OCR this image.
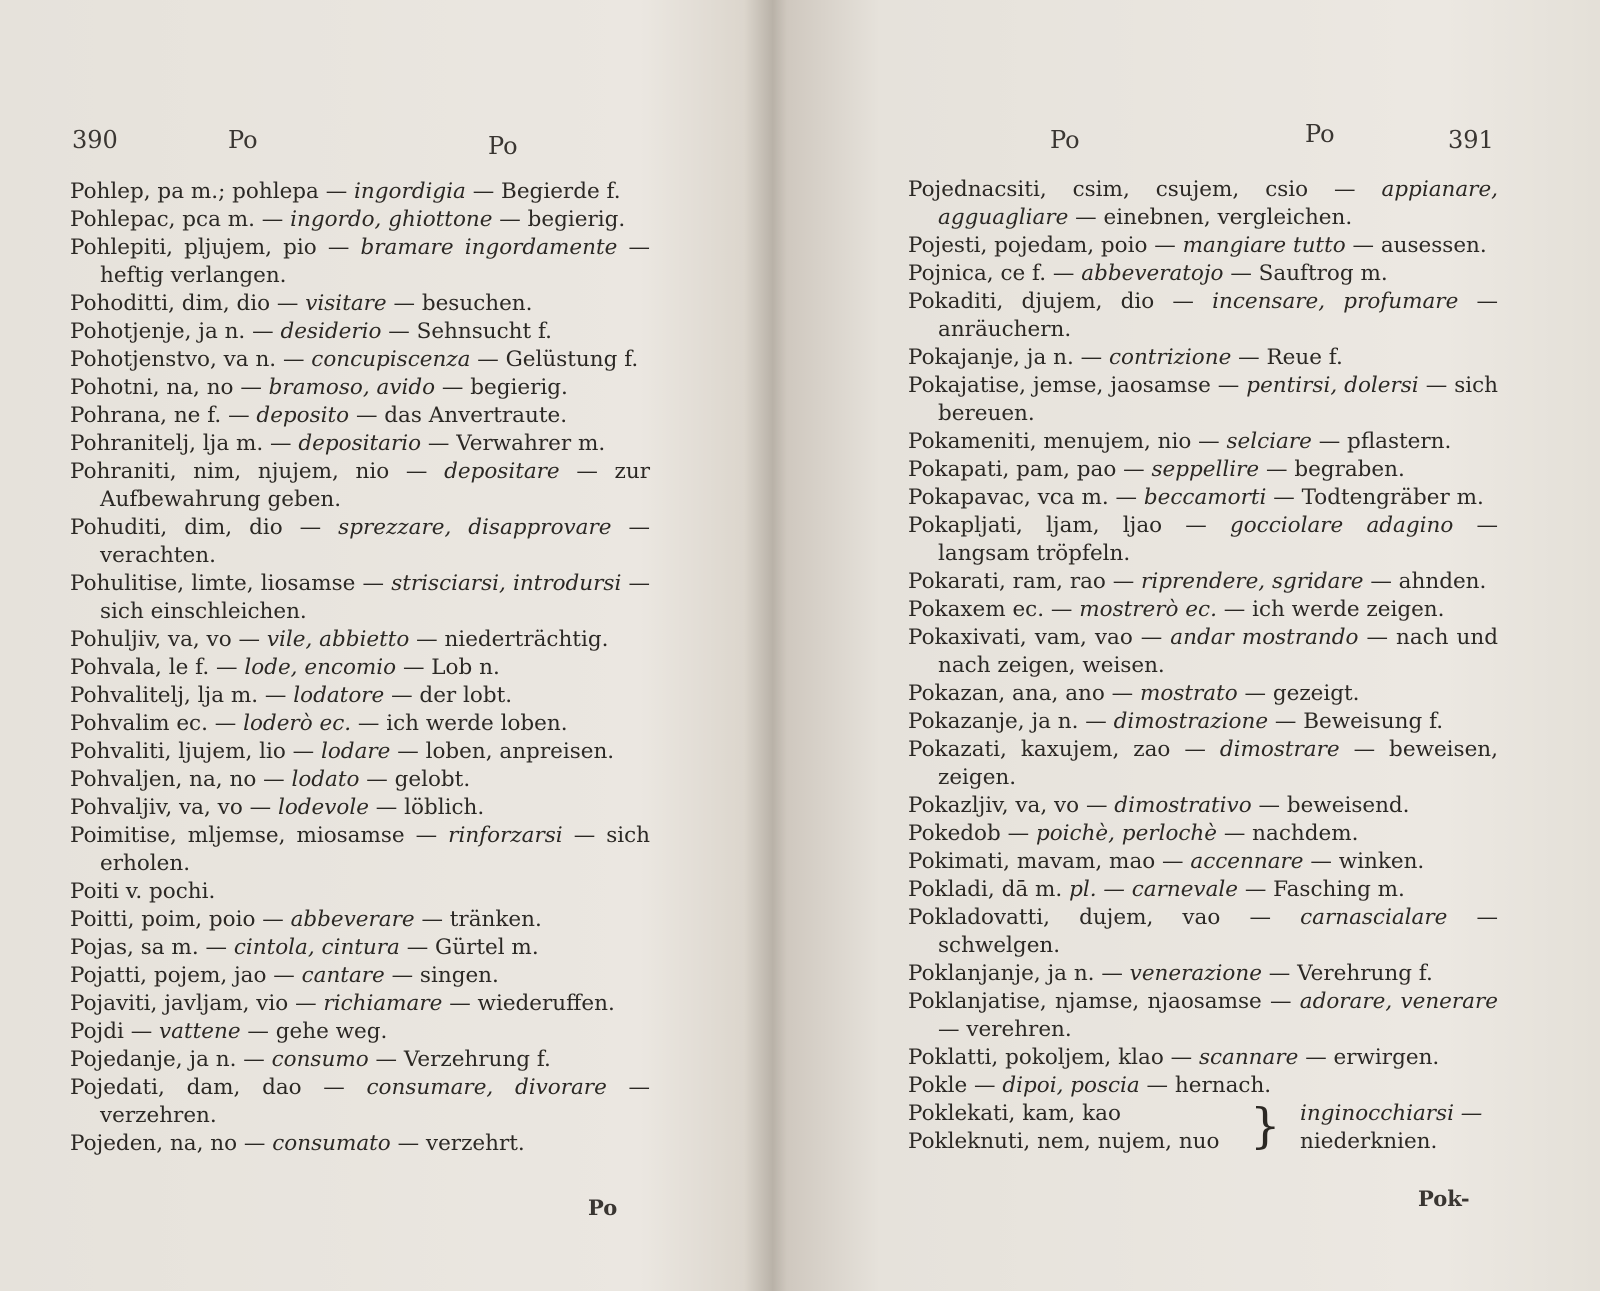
390	Po	Po

Pohlep, pa m.; pohlepa — ingordigia — Begierde f.

Pohlepac, pca m. — ingordo, ghiottone — begierig.

Pohlepiti, pljujem, pio — bramare ingordamente — heftig verlangen.

Pohoditti, dim, dio — visitare — besuchen.

Pohotjenje, ja n. — desiderio — Sehnsucht f.

Pohotjenstvo, va n. — concupiscenza — Gelüstung f.

Pohotni, na, no — bramoso, avido — begierig.

Pohrana, ne f. — deposito — das Anvertraute.

Pohranitelj, lja m. — depositario — Verwahrer m.

Pohraniti, nim, njujem, nio — depositare — zur Aufbewahrung geben.

Pohuditi, dim, dio — sprezzare, disapprovare — verachten.

Pohulitise, limte, liosamse — strisciarsi, introdursi — sich einschleichen.

Pohuljiv, va, vo — vile, abbietto — niederträchtig.

Pohvala, le f. — lode, encomio — Lob n.

Pohvalitelj, lja m. — lodatore — der lobt.

Pohvalim ec. — loderò ec. — ich werde loben.

Pohvaliti, ljujem, lio — lodare — loben, anpreisen.

Pohvaljen, na, no — lodato — gelobt.

Pohvaljiv, va, vo — lodevole — löblich.

Poimitise, mljemse, miosamse — rinforzarsi — sich erholen.

Poiti v. pochi.

Poitti, poim, poio — abbeverare — tränken.

Pojas, sa m. — cintola, cintura — Gürtel m.

Pojatti, pojem, jao — cantare — singen.

Pojaviti, javljam, vio — richiamare — wiederuffen.

Pojdi — vattene — gehe weg.

Pojedanje, ja n. — consumo — Verzehrung f.

Pojedati, dam, dao — consumare, divorare — verzehren.

Pojeden, na, no — consumato — verzehrt.

Po
Po	Po	391

Pojednacsiti, csim, csujem, csio — appianare, agguagliare — einebnen, vergleichen.

Pojesti, pojedam, poio — mangiare tutto — ausessen.

Pojnica, ce f. — abbeveratojo — Sauftrog m.

Pokaditi, djujem, dio — incensare, profumare — anräuchern.

Pokajanje, ja n. — contrizione — Reue f.

Pokajatise, jemse, jaosamse — pentirsi, dolersi — sich bereuen.

Pokameniti, menujem, nio — selciare — pflastern.

Pokapati, pam, pao — seppellire — begraben.

Pokapavac, vca m. — beccamorti — Todtengräber m.

Pokapljati, ljam, ljao — gocciolare adagino — langsam tröpfeln.

Pokarati, ram, rao — riprendere, sgridare — ahnden.

Pokaxem ec. — mostrerò ec. — ich werde zeigen.

Pokaxivati, vam, vao — andar mostrando — nach und nach zeigen, weisen.

Pokazan, ana, ano — mostrato — gezeigt.

Pokazanje, ja n. — dimostrazione — Beweisung f.

Pokazati, kaxujem, zao — dimostrare — beweisen, zeigen.

Pokazljiv, va, vo — dimostrativo — beweisend.

Pokedob — poichè, perlochè — nachdem.

Pokimati, mavam, mao — accennare — winken.

Pokladi, dā m. pl. — carnevale — Fasching m.

Pokladovatti, dujem, vao — carnascialare — schwelgen.

Poklanjanje, ja n. — venerazione — Verehrung f.

Poklanjatise, njamse, njaosamse — adorare, venerare — verehren.

Poklatti, pokoljem, klao — scannare — erwirgen.

Pokle — dipoi, poscia — hernach.

Poklekati, kam, kao
Pokleknuti, nem, nujem, nuo } inginocchiarsi —
niederknien.
Pok-
